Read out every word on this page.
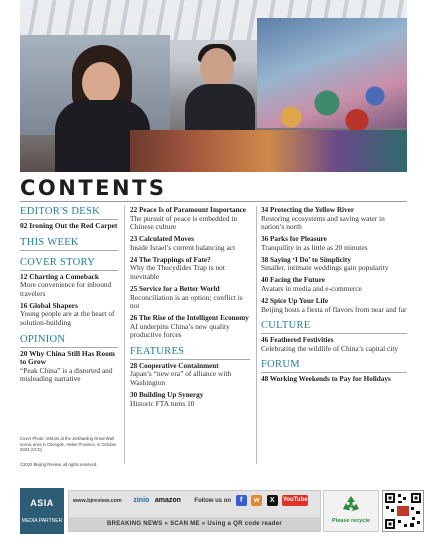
CONTENTS
EDITOR'S DESK
02 Ironing Out the Red Carpet
THIS WEEK
COVER STORY
12 Charting a Comeback
More convenience for inbound travelers
16 Global Shapers
Young people are at the heart of solution-building
OPINION
20 Why China Still Has Room to Grow
“Peak China” is a distorted and misleading narrative
22 Peace Is of Paramount Importance
The pursuit of peace is embedded in Chinese culture
23 Calculated Moves
Inside Israel’s current balancing act
24 The Trappings of Fate?
Why the Thucydides Trap is not inevitable
25 Service for a Better World
Reconciliation is an option; conflict is not
26 The Rise of the Intelligent Economy
AI underpins China’s new quality productive forces
FEATURES
28 Cooperative Containment
Japan’s “new era” of alliance with Washington
30 Building Up Synergy
Historic FTA turns 10
34 Protecting the Yellow River
Restoring ecosystems and saving water in nation’s north
36 Parks for Pleasure
Tranquility in as little as 20 minutes
38 Saying ‘I Do’ to Simplicity
Smaller, intimate weddings gain popularity
40 Facing the Future
Avatars in media and e-commerce
42 Spice Up Your Life
Beijing hosts a fiesta of flavors from near and far
CULTURE
46 Feathered Festivities
Celebrating the wildlife of China’s capital city
FORUM
48 Working Weekends to Pay for Holidays
Cover Photo: Visitors at the Jinshanling Great Wall scenic area in Chengde, Hebei Province, in October 2023 (VCG)
©2024 Beijing Review, all rights reserved.
ASIA
MEDIA PARTNER
www.bjreview.com zinio amazon Follow us on f w X YouTube
BREAKING NEWS » SCAN ME » Using a QR code reader	Please recycle
